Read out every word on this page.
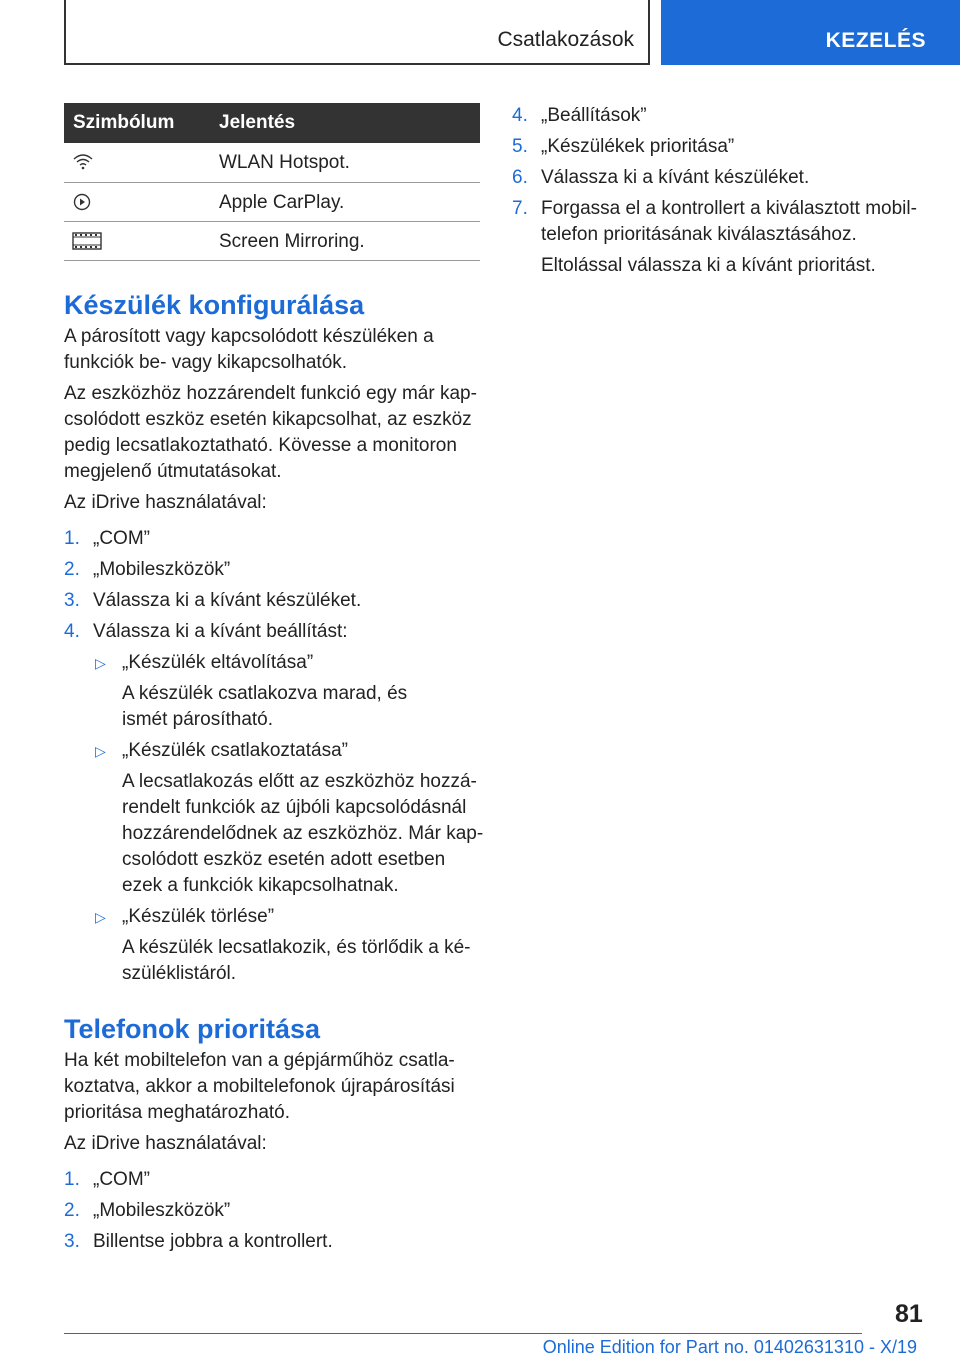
Csatlakozások	KEZELÉS
Szimbólum	Jelentés

	WLAN Hotspot.

	Apple CarPlay.

	Screen Mirroring.
Készülék konfigurálása

A párosított vagy kapcsolódott készüléken a funkciók be- vagy kikapcsolhatók.

Az eszközhöz hozzárendelt funkció egy már kap-csolódott eszköz esetén kikapcsolhat, az eszköz pedig lecsatlakoztatható. Kövesse a monitoron megjelenő útmutatásokat.

Az iDrive használatával:

1. „COM”
2. „Mobileszközök”
3. Válassza ki a kívánt készüléket.
4. Válassza ki a kívánt beállítást:
▷ „Készülék eltávolítása”
A készülék csatlakozva marad, és ismét párosítható.
▷ „Készülék csatlakoztatása”
A lecsatlakozás előtt az eszközhöz hozzá-rendelt funkciók az újbóli kapcsolódásnál hozzárendelődnek az eszközhöz. Már kap-csolódott eszköz esetén adott esetben ezek a funkciók kikapcsolhatnak.
▷ „Készülék törlése”
A készülék lecsatlakozik, és törlődik a ké-szüléklistáról.
Telefonok prioritása

Ha két mobiltelefon van a gépjárműhöz csatla-koztatva, akkor a mobiltelefonok újrapárosítási prioritása meghatározható.

Az iDrive használatával:

1. „COM”
2. „Mobileszközök”
3. Billentse jobbra a kontrollert.
4. „Beállítások”
5. „Készülékek prioritása”
6. Válassza ki a kívánt készüléket.
7. Forgassa el a kontrollert a kiválasztott mobil-telefon prioritásának kiválasztásához.

Eltolással válassza ki a kívánt prioritást.

81
Online Edition for Part no. 01402631310 - X/19
